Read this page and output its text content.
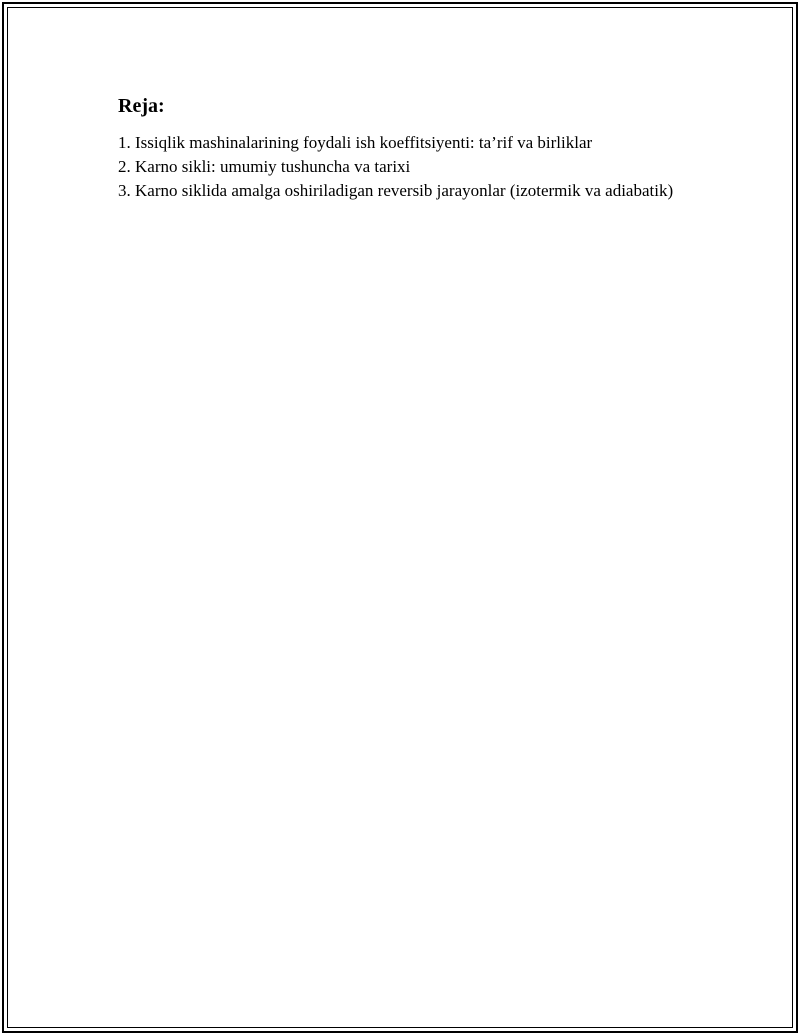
Reja:
1. Issiqlik mashinalarining foydali ish koeffitsiyenti: ta’rif va birliklar
2. Karno sikli: umumiy tushuncha va tarixi
3. Karno siklida amalga oshiriladigan reversib jarayonlar (izotermik va adiabatik)
